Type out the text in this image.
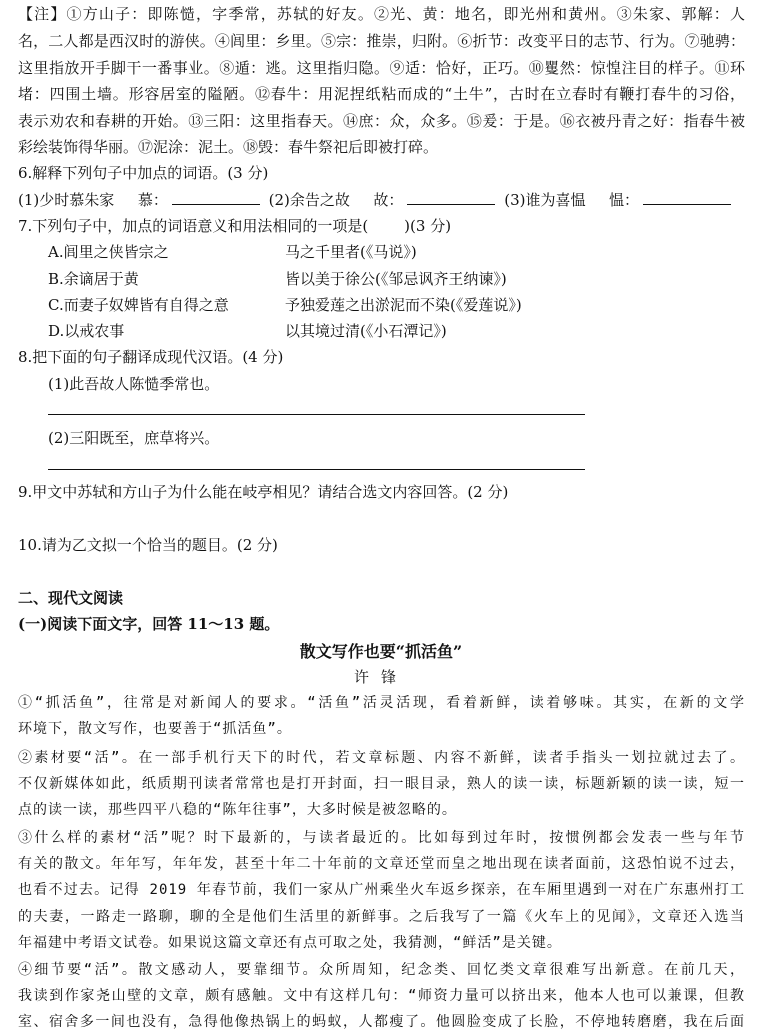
【注】①方山子：即陈慥，字季常，苏轼的好友。②光、黄：地名，即光州和黄州。③朱家、郭解：人
名，二人都是西汉时的游侠。④闾里：乡里。⑤宗：推崇，归附。⑥折节：改变平日的志节、行为。⑦驰骋：
这里指放开手脚干一番事业。⑧遁：逃。这里指归隐。⑨适：恰好，正巧。⑩矍然：惊惶注目的样子。⑪环
堵：四围土墙。形容居室的隘陋。⑫春牛：用泥捏纸粘而成的“土牛”，古时在立春时有鞭打春牛的习俗，
表示劝农和春耕的开始。⑬三阳：这里指春天。⑭庶：众，众多。⑮爰：于是。⑯衣被丹青之好：指春牛被
彩绘装饰得华丽。⑰泥涂：泥土。⑱毁：春牛祭祀后即被打碎。
6.解释下列句子中加点的词语。(3 分)
(1)少时慕朱家 慕：	(2)余告之故 故：	(3)谁为喜愠 愠：
7.下列句子中，加点的词语意义和用法相同的一项是( )(3 分)
A.闾里之侠皆宗之	马之千里者(《马说》)
B.余谪居于黄	皆以美于徐公(《邹忌讽齐王纳谏》)
C.而妻子奴婢皆有自得之意	予独爱莲之出淤泥而不染(《爱莲说》)
D.以戒农事	以其境过清(《小石潭记》)
8.把下面的句子翻译成现代汉语。(4 分)
(1)此吾故人陈慥季常也。
(2)三阳既至，庶草将兴。
9.甲文中苏轼和方山子为什么能在岐亭相见？请结合选文内容回答。(2 分)
10.请为乙文拟一个恰当的题目。(2 分)
二、现代文阅读
(一)阅读下面文字，回答 11～13 题。
散文写作也要“抓活鱼”
许锋
①“抓活鱼”，往常是对新闻人的要求。“活鱼”活灵活现，看着新鲜，读着够味。其实，在新的文学
环境下，散文写作，也要善于“抓活鱼”。
②素材要“活”。在一部手机行天下的时代，若文章标题、内容不新鲜，读者手指头一划拉就过去了。
不仅新媒体如此，纸质期刊读者常常也是打开封面，扫一眼目录，熟人的读一读，标题新颖的读一读，短一
点的读一读，那些四平八稳的“陈年往事”，大多时候是被忽略的。
③什么样的素材“活”呢？时下最新的，与读者最近的。比如每到过年时，按惯例都会发表一些与年节
有关的散文。年年写，年年发，甚至十年二十年前的文章还堂而皇之地出现在读者面前，这恐怕说不过去，
也看不过去。记得 2019 年春节前，我们一家从广州乘坐火车返乡探亲，在车厢里遇到一对在广东惠州打工
的夫妻，一路走一路聊，聊的全是他们生活里的新鲜事。之后我写了一篇《火车上的见闻》，文章还入选当
年福建中考语文试卷。如果说这篇文章还有点可取之处，我猜测，“鲜活”是关键。
④细节要“活”。散文感动人，要靠细节。众所周知，纪念类、回忆类文章很难写出新意。在前几天，
我读到作家尧山壁的文章，颇有感触。文中有这样几句：“师资力量可以挤出来，他本人也可以兼课，但教
室、宿舍多一间也没有，急得他像热锅上的蚂蚁，人都瘦了。他圆脸变成了长脸，不停地转磨磨，我在后面
